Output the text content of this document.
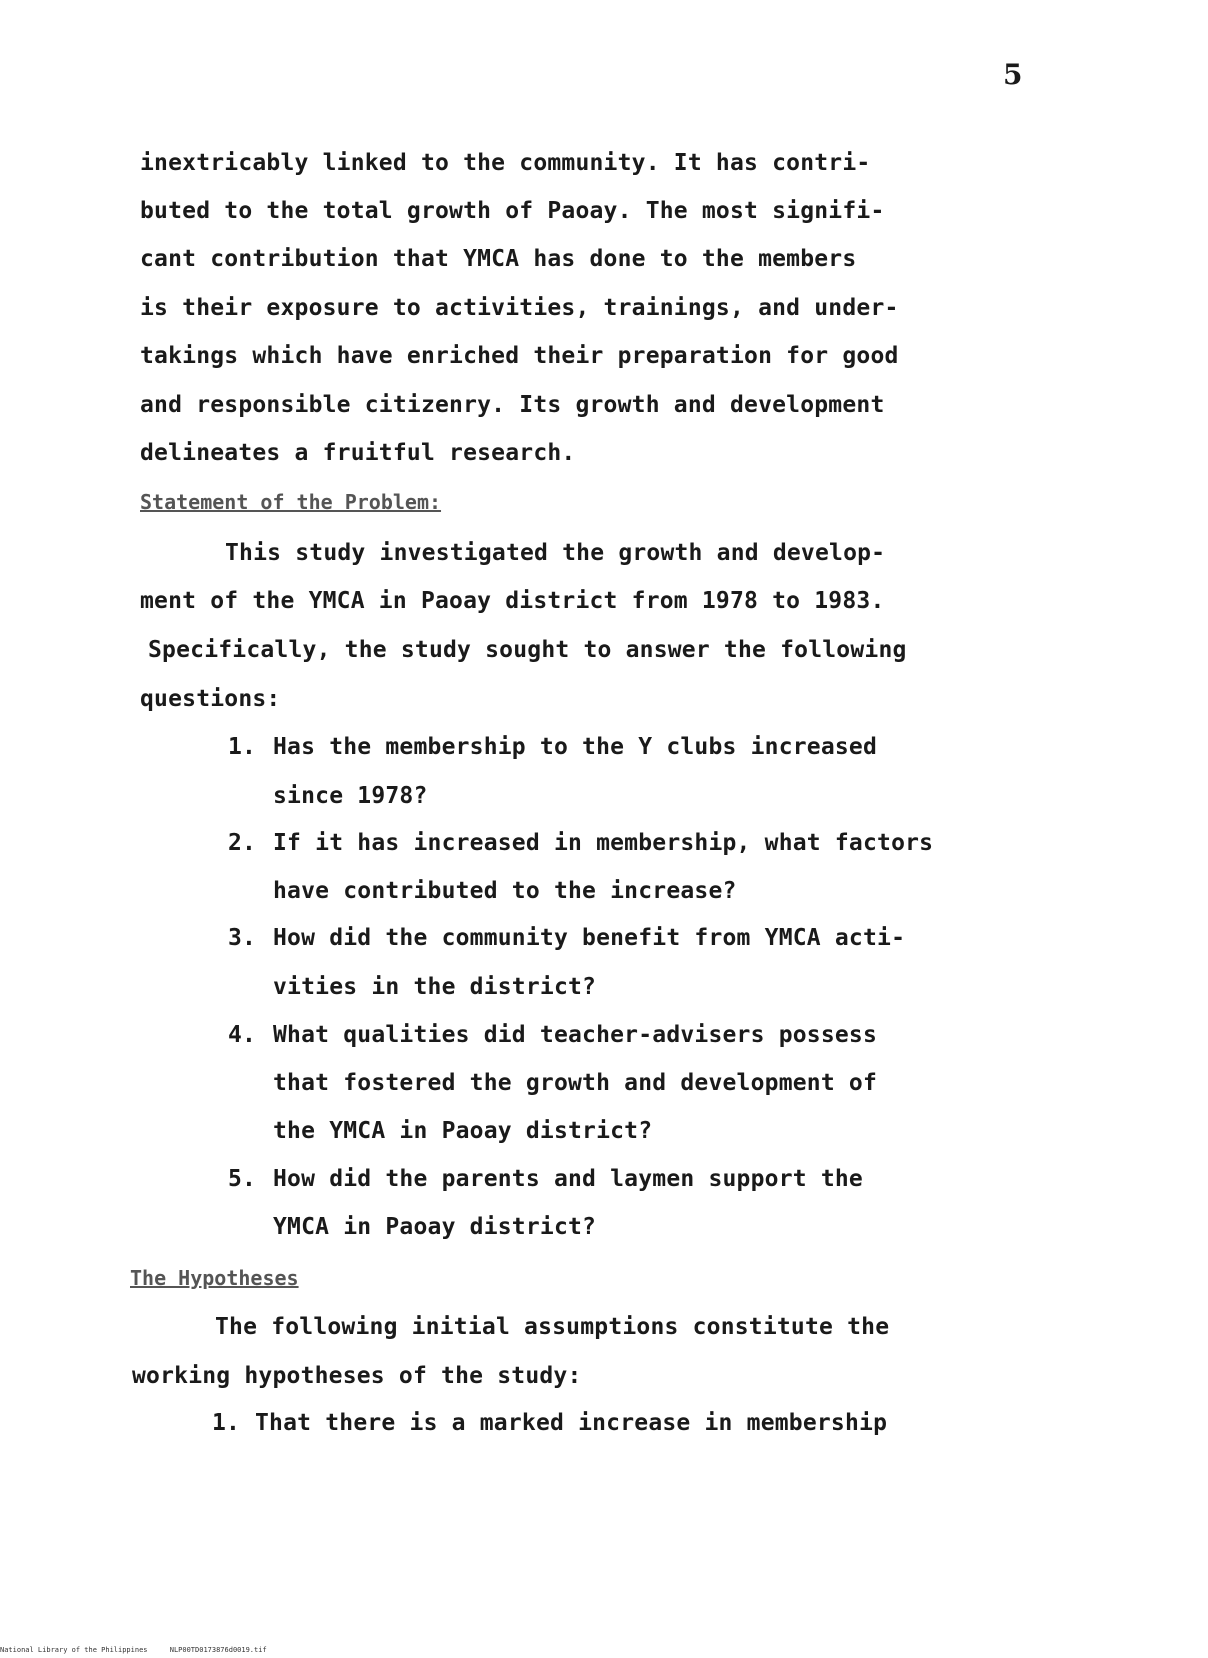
5
inextricably linked to the community. It has contri-
buted to the total growth of Paoay. The most signifi-
cant contribution that YMCA has done to the members
is their exposure to activities, trainings, and under-
takings which have enriched their preparation for good
and responsible citizenry. Its growth and development
delineates a fruitful research.
Statement of the Problem:
This study investigated the growth and develop-
ment of the YMCA in Paoay district from 1978 to 1983.
Specifically, the study sought to answer the following
questions:
1. Has the membership to the Y clubs increased
since 1978?
2. If it has increased in membership, what factors
have contributed to the increase?
3. How did the community benefit from YMCA acti-
vities in the district?
4. What qualities did teacher-advisers possess
that fostered the growth and development of
the YMCA in Paoay district?
5. How did the parents and laymen support the
YMCA in Paoay district?
The Hypotheses
The following initial assumptions constitute the
working hypotheses of the study:
1. That there is a marked increase in membership
National Library of the Philippines	NLP00TD0173876d0019.tif
